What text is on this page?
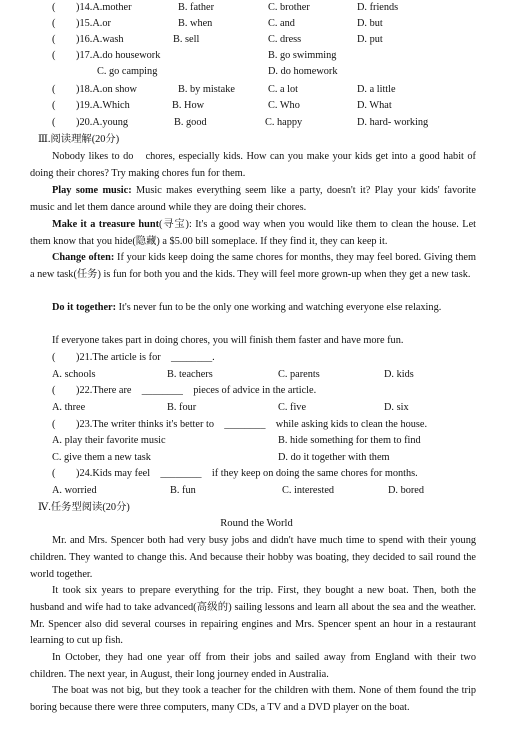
(　　)14.A.mother	B. father	C. brother	D. friends
(　　)15.A.or	B. when	C. and	D. but
(　　)16.A.wash	B. sell	C. dress	D. put
(　　)17.A.do housework	B. go swimming
C. go camping	D. do homework
(　　)18.A.on show	B. by mistake	C. a lot	D. a little
(　　)19.A.Which	B. How	C. Who	D. What
(　　)20.A.young	B. good	C. happy	D. hard- working
Ⅲ.阅读理解(20分)
Nobody likes to do　chores, especially kids. How can you make your kids get into a good habit of doing their chores? Try making chores fun for them.
Play some music: Music makes everything seem like a party, doesn't it? Play your kids' favorite music and let them dance around while they are doing their chores.
Make it a treasure hunt(寻宝): It's a good way when you would like them to clean the house. Let them know that you hide(隐藏) a $5.00 bill someplace. If they find it, they can keep it.
Change often: If your kids keep doing the same chores for months, they may feel bored. Giving them a new task(任务) is fun for both you and the kids. They will feel more grown-up when they get a new task.
Do it together: It's never fun to be the only one working and watching everyone else relaxing.
If everyone takes part in doing chores, you will finish them faster and have more fun.
(　　)21.The article is for　________.
A. schools	B. teachers	C. parents	D. kids
(　　)22.There are　________　pieces of advice in the article.
A. three	B. four	C. five	D. six
(　　)23.The writer thinks it's better to　________　while asking kids to clean the house.
A. play their favorite music	B. hide something for them to find
C. give them a new task	D. do it together with them
(　　)24.Kids may feel　________　if they keep on doing the same chores for months.
A. worried	B. fun	C. interested	D. bored
Ⅳ.任务型阅读(20分)
Round the World
Mr. and Mrs. Spencer both had very busy jobs and didn't have much time to spend with their young children. They wanted to change this. And because their hobby was boating, they decided to sail round the world together.
It took six years to prepare everything for the trip. First, they bought a new boat. Then, both the husband and wife had to take advanced(高级的) sailing lessons and learn all about the sea and the weather. Mr. Spencer also did several courses in repairing engines and Mrs. Spencer spent an hour in a restaurant learning to cut up fish.
In October, they had one year off from their jobs and sailed away from England with their two children. The next year, in August, their long journey ended in Australia.
The boat was not big, but they took a teacher for the children with them. None of them found the trip boring because there were three computers, many CDs, a TV and a DVD player on the boat.
